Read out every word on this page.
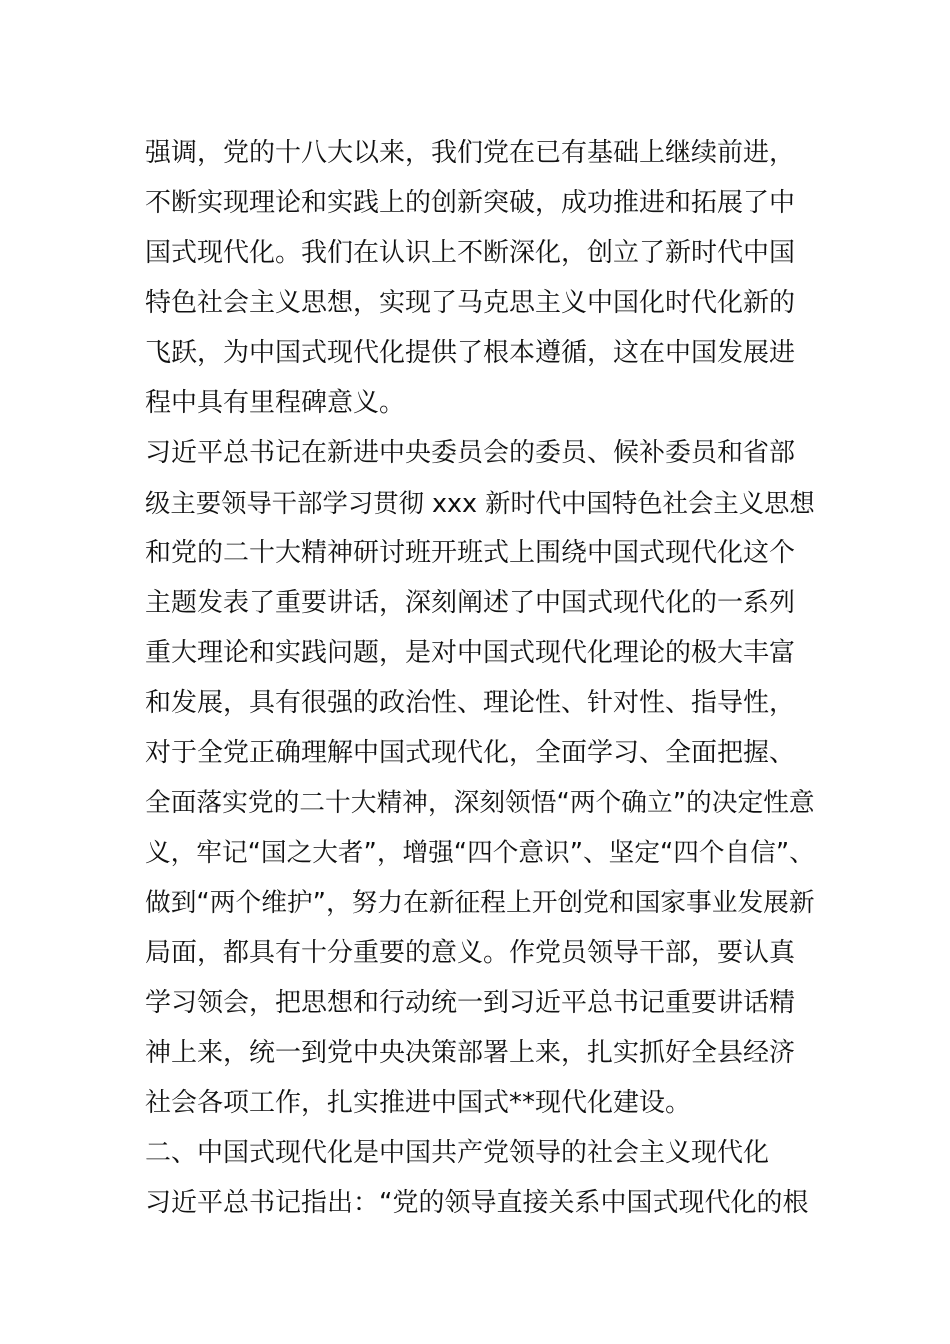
强调，党的十八大以来，我们党在已有基础上继续前进，
不断实现理论和实践上的创新突破，成功推进和拓展了中
国式现代化。我们在认识上不断深化，创立了新时代中国
特色社会主义思想，实现了马克思主义中国化时代化新的
飞跃，为中国式现代化提供了根本遵循，这在中国发展进
程中具有里程碑意义。
习近平总书记在新进中央委员会的委员、候补委员和省部
级主要领导干部学习贯彻 xxx 新时代中国特色社会主义思想
和党的二十大精神研讨班开班式上围绕中国式现代化这个
主题发表了重要讲话，深刻阐述了中国式现代化的一系列
重大理论和实践问题，是对中国式现代化理论的极大丰富
和发展，具有很强的政治性、理论性、针对性、指导性，
对于全党正确理解中国式现代化，全面学习、全面把握、
全面落实党的二十大精神，深刻领悟“两个确立”的决定性意
义，牢记“国之大者”，增强“四个意识”、坚定“四个自信”、
做到“两个维护”，努力在新征程上开创党和国家事业发展新
局面，都具有十分重要的意义。作党员领导干部，要认真
学习领会，把思想和行动统一到习近平总书记重要讲话精
神上来，统一到党中央决策部署上来，扎实抓好全县经济
社会各项工作，扎实推进中国式**现代化建设。
二、中国式现代化是中国共产党领导的社会主义现代化
习近平总书记指出：“党的领导直接关系中国式现代化的根
